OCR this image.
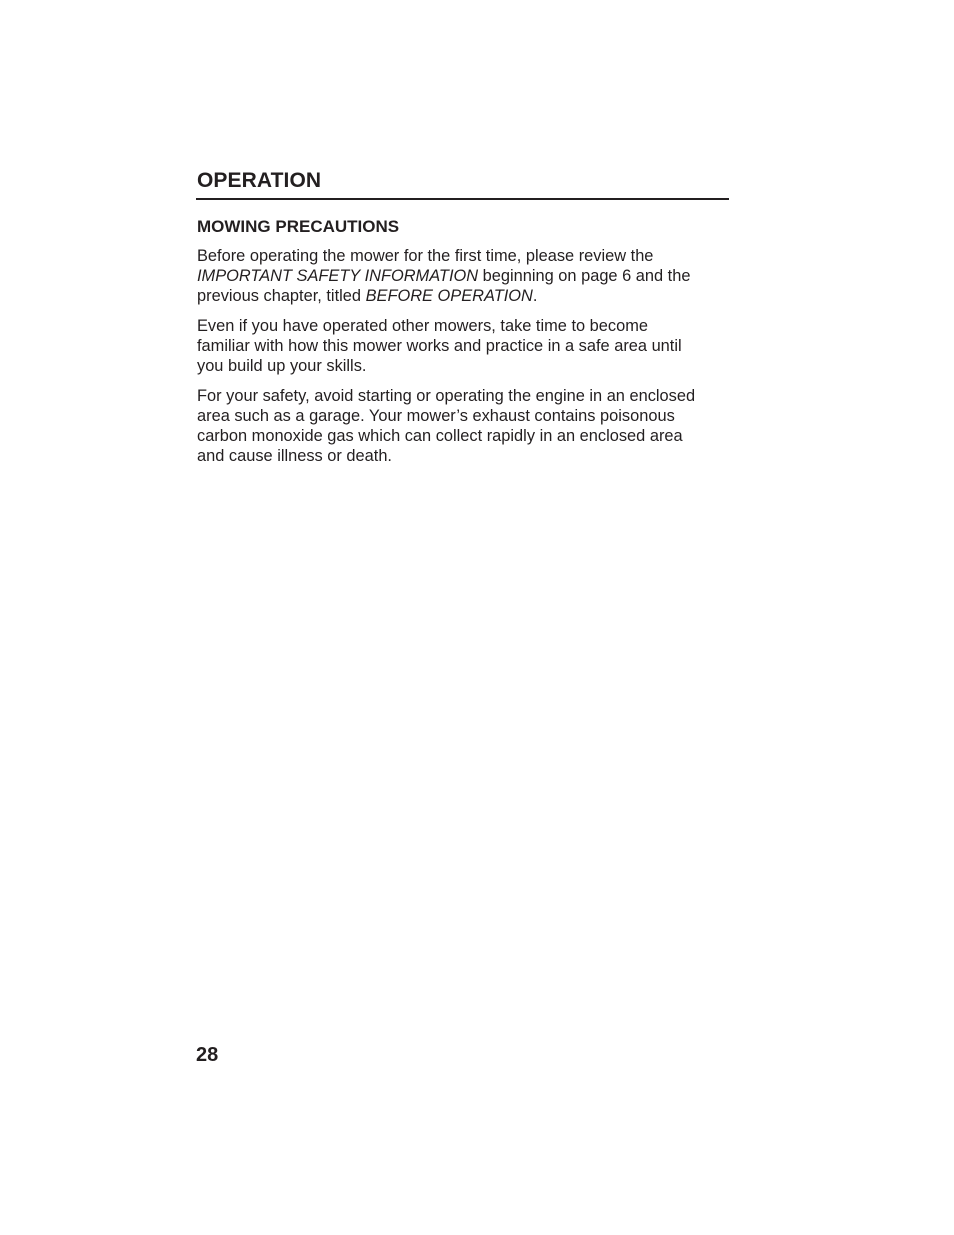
OPERATION
MOWING PRECAUTIONS

Before operating the mower for the first time, please review the
IMPORTANT SAFETY INFORMATION beginning on page 6 and the previous chapter, titled BEFORE OPERATION.

Even if you have operated other mowers, take time to become
familiar with how this mower works and practice in a safe area until
you build up your skills.

For your safety, avoid starting or operating the engine in an enclosed
area such as a garage. Your mower’s exhaust contains poisonous
carbon monoxide gas which can collect rapidly in an enclosed area
and cause illness or death.

28
